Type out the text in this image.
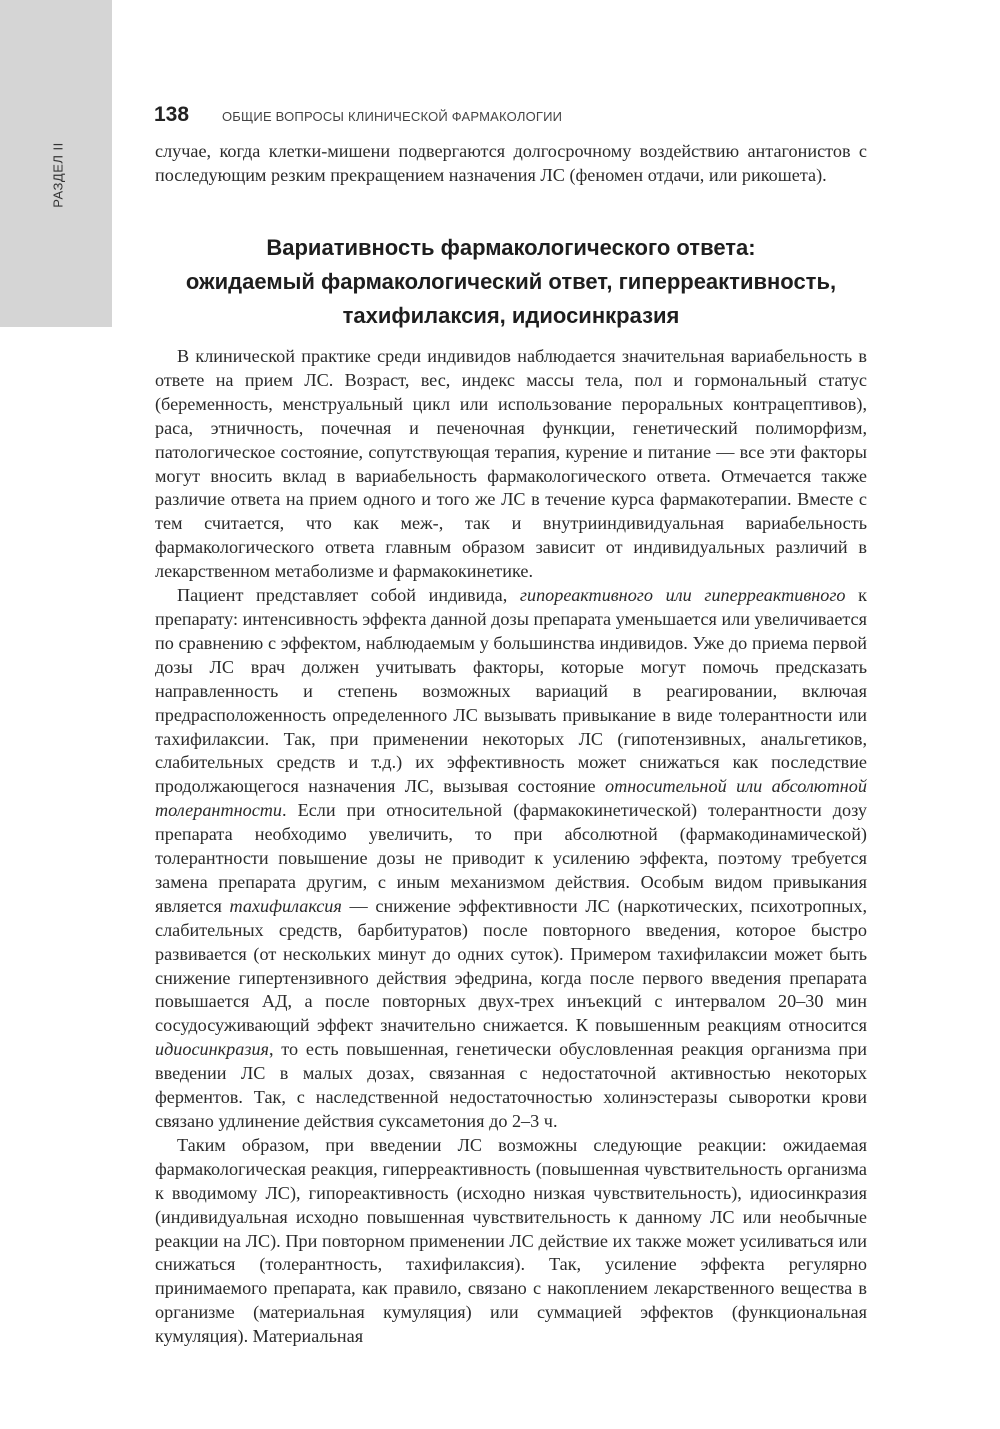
РАЗДЕЛ II
138	ОБЩИЕ ВОПРОСЫ КЛИНИЧЕСКОЙ ФАРМАКОЛОГИИ

случае, когда клетки-мишени подвергаются долгосрочному воздействию антагонистов с последующим резким прекращением назначения ЛС (феномен отдачи, или рикошета).

Вариативность фармакологического ответа:
ожидаемый фармакологический ответ, гиперреактивность,
тахифилаксия, идиосинкразия

В клинической практике среди индивидов наблюдается значительная вариабельность в ответе на прием ЛС. Возраст, вес, индекс массы тела, пол и гормональный статус (беременность, менструальный цикл или использование пероральных контрацептивов), раса, этничность, почечная и печеночная функции, генетический полиморфизм, патологическое состояние, сопутствующая терапия, курение и питание — все эти факторы могут вносить вклад в вариабельность фармакологического ответа. Отмечается также различие ответа на прием одного и того же ЛС в течение курса фармакотерапии. Вместе с тем считается, что как меж-, так и внутрииндивидуальная вариабельность фармакологического ответа главным образом зависит от индивидуальных различий в лекарственном метаболизме и фармакокинетике.

Пациент представляет собой индивида, гипореактивного или гиперреактивного к препарату: интенсивность эффекта данной дозы препарата уменьшается или увеличивается по сравнению с эффектом, наблюдаемым у большинства индивидов. Уже до приема первой дозы ЛС врач должен учитывать факторы, которые могут помочь предсказать направленность и степень возможных вариаций в реагировании, включая предрасположенность определенного ЛС вызывать привыкание в виде толерантности или тахифилаксии. Так, при применении некоторых ЛС (гипотензивных, анальгетиков, слабительных средств и т.д.) их эффективность может снижаться как последствие продолжающегося назначения ЛС, вызывая состояние относительной или абсолютной толерантности. Если при относительной (фармакокинетической) толерантности дозу препарата необходимо увеличить, то при абсолютной (фармакодинамической) толерантности повышение дозы не приводит к усилению эффекта, поэтому требуется замена препарата другим, с иным механизмом действия. Особым видом привыкания является тахифилаксия — снижение эффективности ЛС (наркотических, психотропных, слабительных средств, барбитуратов) после повторного введения, которое быстро развивается (от нескольких минут до одних суток). Примером тахифилаксии может быть снижение гипертензивного действия эфедрина, когда после первого введения препарата повышается АД, а после повторных двух-трех инъекций с интервалом 20–30 мин сосудосуживающий эффект значительно снижается. К повышенным реакциям относится идиосинкразия, то есть повышенная, генетически обусловленная реакция организма при введении ЛС в малых дозах, связанная с недостаточной активностью некоторых ферментов. Так, с наследственной недостаточностью холинэстеразы сыворотки крови связано удлинение действия суксаметония до 2–3 ч.

Таким образом, при введении ЛС возможны следующие реакции: ожидаемая фармакологическая реакция, гиперреактивность (повышенная чувствительность организма к вводимому ЛС), гипореактивность (исходно низкая чувствительность), идиосинкразия (индивидуальная исходно повышенная чувствительность к данному ЛС или необычные реакции на ЛС). При повторном применении ЛС действие их также может усиливаться или снижаться (толерантность, тахифилаксия). Так, усиление эффекта регулярно принимаемого препарата, как правило, связано с накоплением лекарственного вещества в организме (материальная кумуляция) или суммацией эффектов (функциональная кумуляция). Материальная
